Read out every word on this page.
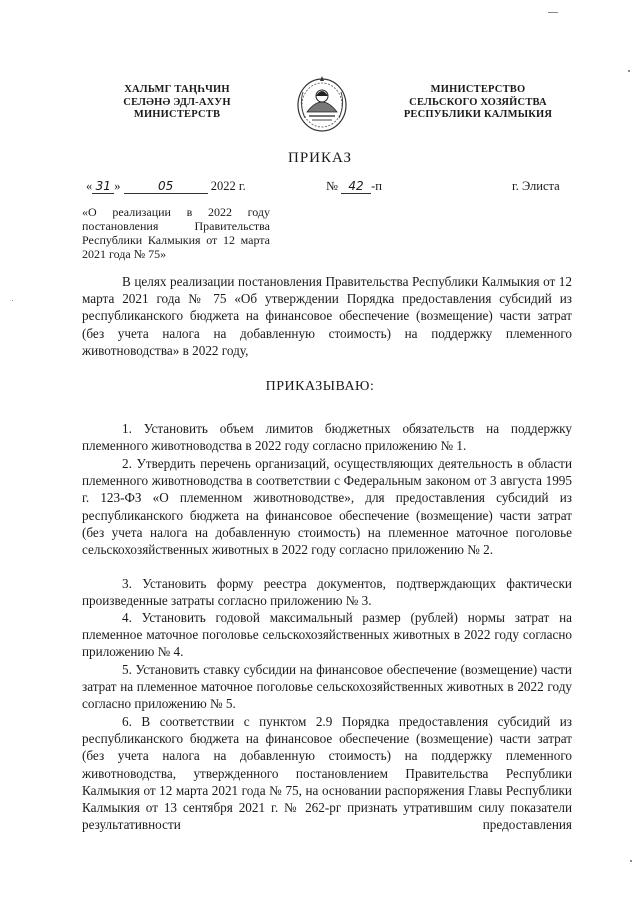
ХАЛЬМГ ТАҢҺЧИН
СЕЛӘНӘ ЭДЛ-АХУН
МИНИСТЕРСТВ
МИНИСТЕРСТВО
СЕЛЬСКОГО ХОЗЯЙСТВА
РЕСПУБЛИКИ КАЛМЫКИЯ
ПРИКАЗ
« 31 »	05	2022 г.	№ 42 -п	г. Элиста
«О реализации в 2022 году постановления Правительства Республики Калмыкия от 12 марта 2021 года № 75»

В целях реализации постановления Правительства Республики Калмыкия от 12 марта 2021 года № 75 «Об утверждении Порядка предоставления субсидий из республиканского бюджета на финансовое обеспечение (возмещение) части затрат (без учета налога на добавленную стоимость) на поддержку племенного животноводства» в 2022 году,

ПРИКАЗЫВАЮ:

1. Установить объем лимитов бюджетных обязательств на поддержку племенного животноводства в 2022 году согласно приложению № 1.

2. Утвердить перечень организаций, осуществляющих деятельность в области племенного животноводства в соответствии с Федеральным законом от 3 августа 1995 г. 123-ФЗ «О племенном животноводстве», для предоставления субсидий из республиканского бюджета на финансовое обеспечение (возмещение) части затрат (без учета налога на добавленную стоимость) на племенное маточное поголовье сельскохозяйственных животных в 2022 году согласно приложению № 2.

3. Установить форму реестра документов, подтверждающих фактически произведенные затраты согласно приложению № 3.

4. Установить годовой максимальный размер (рублей) нормы затрат на племенное маточное поголовье сельскохозяйственных животных в 2022 году согласно приложению № 4.

5. Установить ставку субсидии на финансовое обеспечение (возмещение) части затрат на племенное маточное поголовье сельскохозяйственных животных в 2022 году согласно приложению № 5.

6. В соответствии с пунктом 2.9 Порядка предоставления субсидий из республиканского бюджета на финансовое обеспечение (возмещение) части затрат (без учета налога на добавленную стоимость) на поддержку племенного животноводства, утвержденного постановлением Правительства Республики Калмыкия от 12 марта 2021 года № 75, на основании распоряжения Главы Республики Калмыкия от 13 сентября 2021 г. № 262-рг признать утратившим силу показатели результативности предоставления
